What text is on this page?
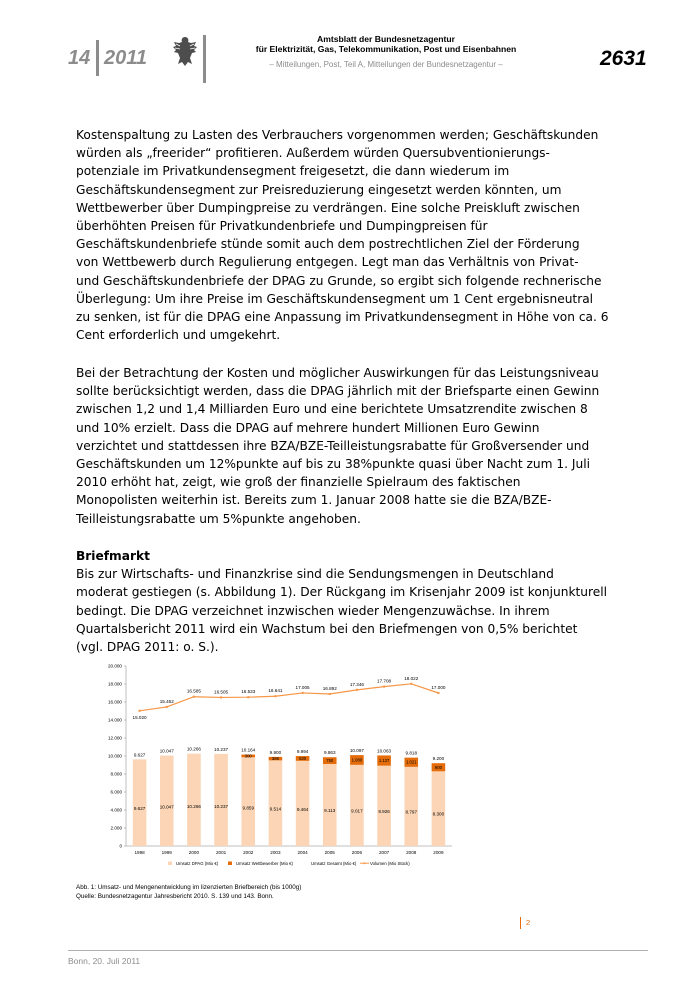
14 2011
Amtsblatt der Bundesnetzagentur
für Elektrizität, Gas, Telekommunikation, Post und Eisenbahnen
– Mitteilungen, Post, Teil A, Mitteilungen der Bundesnetzagentur –	2631
Kostenspaltung zu Lasten des Verbrauchers vorgenommen werden; Geschäftskunden
würden als „freerider“ profitieren. Außerdem würden Quersubventionierungs-
potenziale im Privatkundensegment freigesetzt, die dann wiederum im
Geschäftskundensegment zur Preisreduzierung eingesetzt werden könnten, um
Wettbewerber über Dumpingpreise zu verdrängen. Eine solche Preiskluft zwischen
überhöhten Preisen für Privatkundenbriefe und Dumpingpreisen für
Geschäftskundenbriefe stünde somit auch dem postrechtlichen Ziel der Förderung
von Wettbewerb durch Regulierung entgegen. Legt man das Verhältnis von Privat-
und Geschäftskundenbriefe der DPAG zu Grunde, so ergibt sich folgende rechnerische
Überlegung: Um ihre Preise im Geschäftskundensegment um 1 Cent ergebnisneutral
zu senken, ist für die DPAG eine Anpassung im Privatkundensegment in Höhe von ca. 6
Cent erforderlich und umgekehrt.
Bei der Betrachtung der Kosten und möglicher Auswirkungen für das Leistungsniveau
sollte berücksichtigt werden, dass die DPAG jährlich mit der Briefsparte einen Gewinn
zwischen 1,2 und 1,4 Milliarden Euro und eine berichtete Umsatzrendite zwischen 8
und 10% erzielt. Dass die DPAG auf mehrere hundert Millionen Euro Gewinn
verzichtet und stattdessen ihre BZA/BZE-Teilleistungsrabatte für Großversender und
Geschäftskunden um 12%punkte auf bis zu 38%punkte quasi über Nacht zum 1. Juli
2010 erhöht hat, zeigt, wie groß der finanzielle Spielraum des faktischen
Monopolisten weiterhin ist. Bereits zum 1. Januar 2008 hatte sie die BZA/BZE-
Teilleistungsrabatte um 5%punkte angehoben.
Briefmarkt
Bis zur Wirtschafts- und Finanzkrise sind die Sendungsmengen in Deutschland
moderat gestiegen (s. Abbildung 1). Der Rückgang im Krisenjahr 2009 ist konjunkturell
bedingt. Die DPAG verzeichnet inzwischen wieder Mengenzuwächse. In ihrem
Quartalsbericht 2011 wird ein Wachstum bei den Briefmengen von 0,5% berichtet
(vgl. DPAG 2011: o. S.).
0
2.000
4.000
6.000
8.000
10.000
12.000
14.000
16.000
18.000
20.000
9.627
9.627
1998
10.047
10.047
1999
10.266
10.266
2000
10.237
10.237
2001
300
9.859
10.164
2002
386
9.514
9.900
2003
530
9.464
9.994
2004
750
9.113
9.863
2005
1.080
9.017
10.097
2006
1.137
8.926
10.063
2007
1.021
8.797
9.818
2008
900
8.300
9.200
2009
15.020
15.452
16.585	16.505	16.533	16.641
17.005	16.892
17.346
17.708
18.022
17.000
Umsatz DPAG (Mio €)	Umsatz Wettbewerber (Mio €)	Umsatz Gesamt (Mio €)	Volumen (Mio Stück)
Abb. 1: Umsatz- und Mengenentwicklung im lizenzierten Briefbereich (bis 1000g)
Quelle: Bundesnetzagentur Jahresbericht 2010. S. 139 und 143. Bonn.
2
Bonn, 20. Juli 2011
